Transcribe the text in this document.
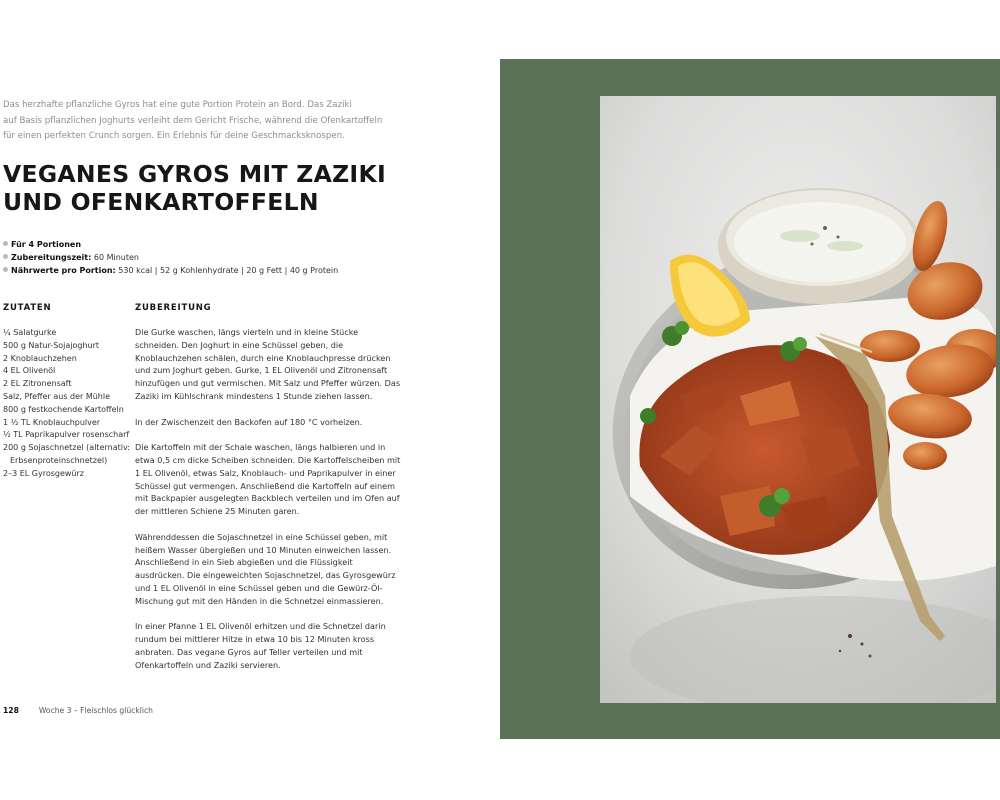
Das herzhafte pflanzliche Gyros hat eine gute Portion Protein an Bord. Das Zaziki

auf Basis pflanzlichen Joghurts verleiht dem Gericht Frische, während die Ofenkartoffeln

für einen perfekten Crunch sorgen. Ein Erlebnis für deine Geschmacksknospen.

VEGANES GYROS MIT ZAZIKI
UND OFENKARTOFFELN
Für 4 Portionen
Zubereitungszeit: 60 Minuten
Nährwerte pro Portion: 530 kcal | 52 g Kohlenhydrate | 20 g Fett | 40 g Protein
ZUTATEN	ZUBEREITUNG
¼ Salatgurke
500 g Natur-Sojajoghurt
2 Knoblauchzehen
4 EL Olivenöl
2 EL Zitronensaft
Salz, Pfeffer aus der Mühle
800 g festkochende Kartoffeln
1 ½ TL Knoblauchpulver
½ TL Paprikapulver rosenscharf
200 g Sojaschnetzel (alternativ:
Erbsenproteinschnetzel)
2–3 EL Gyrosgewürz

Die Gurke waschen, längs vierteln und in kleine Stücke schneiden. Den Joghurt in eine Schüssel geben, die Knoblauchzehen schälen, durch eine Knoblauchpresse drücken und zum Joghurt geben. Gurke, 1 EL Olivenöl und Zitronensaft hinzufügen und gut vermischen. Mit Salz und Pfeffer würzen. Das Zaziki im Kühlschrank mindestens 1 Stunde ziehen lassen.

In der Zwischenzeit den Backofen auf 180 °C vorheizen.

Die Kartoffeln mit der Schale waschen, längs halbieren und in etwa 0,5 cm dicke Scheiben schneiden. Die Kartoffelscheiben mit 1 EL Olivenöl, etwas Salz, Knoblauch- und Paprikapulver in einer Schüssel gut vermengen. Anschließend die Kartoffeln auf einem mit Backpapier ausgelegten Backblech verteilen und im Ofen auf der mittleren Schiene 25 Minuten garen.

Währenddessen die Sojaschnetzel in eine Schüssel geben, mit heißem Wasser übergießen und 10 Minuten einweichen lassen. Anschließend in ein Sieb abgießen und die Flüssigkeit ausdrücken. Die eingeweichten Sojaschnetzel, das Gyrosgewürz und 1 EL Olivenöl in eine Schüssel geben und die Gewürz-Öl-Mischung gut mit den Händen in die Schnetzel einmassieren.

In einer Pfanne 1 EL Olivenöl erhitzen und die Schnetzel darin rundum bei mittlerer Hitze in etwa 10 bis 12 Minuten kross anbraten. Das vegane Gyros auf Teller verteilen und mit Ofenkartoffeln und Zaziki servieren.

128	Woche 3 – Fleischlos glücklich
